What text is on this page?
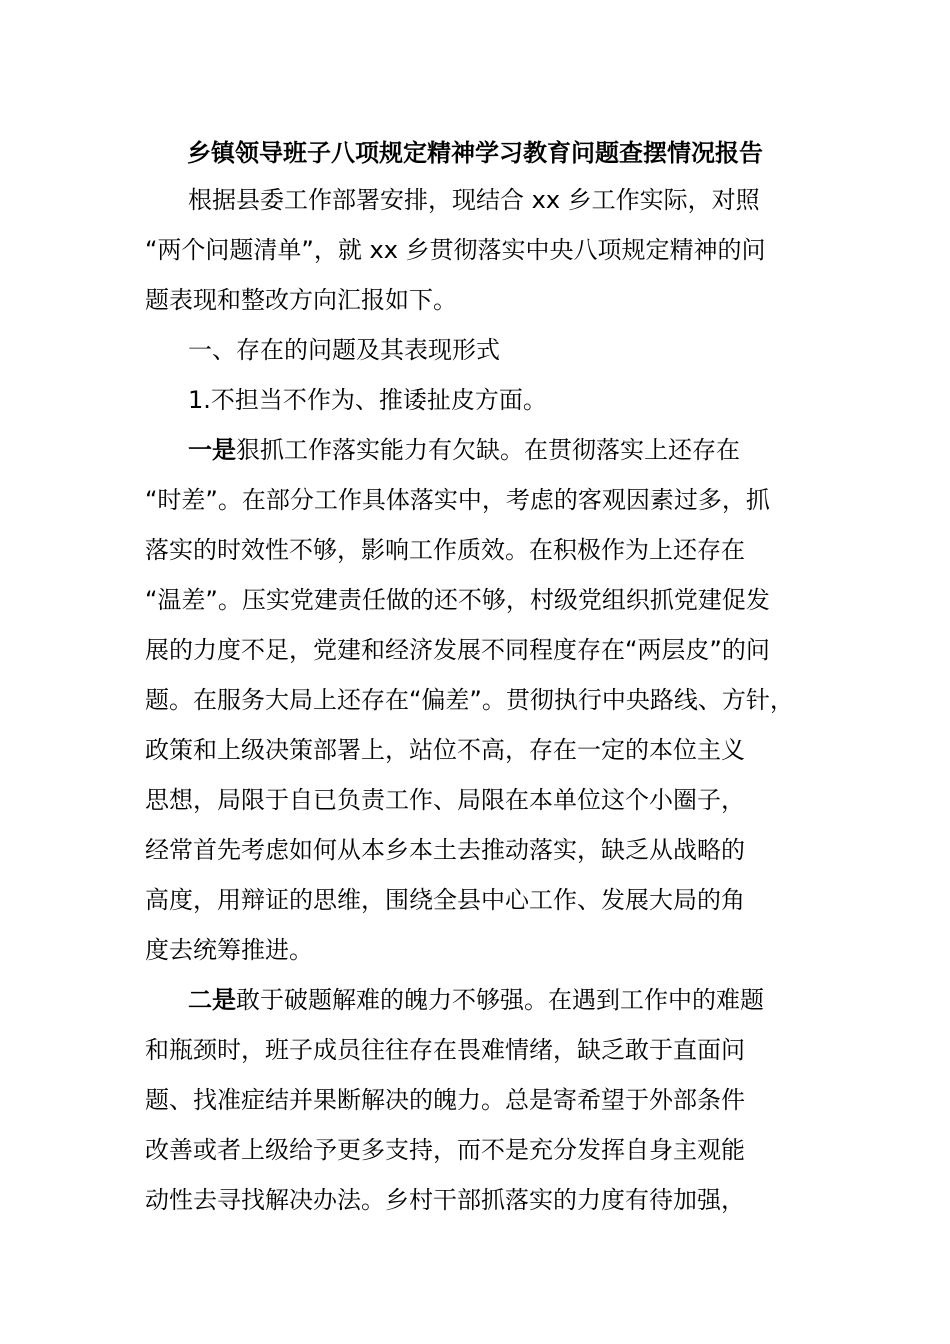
乡镇领导班子八项规定精神学习教育问题查摆情况报告
根据县委工作部署安排，现结合 xx 乡工作实际，对照
“两个问题清单”，就 xx 乡贯彻落实中央八项规定精神的问
题表现和整改方向汇报如下。
一、存在的问题及其表现形式
1.不担当不作为、推诿扯皮方面。
一是狠抓工作落实能力有欠缺。在贯彻落实上还存在
“时差”。在部分工作具体落实中，考虑的客观因素过多，抓
落实的时效性不够，影响工作质效。在积极作为上还存在
“温差”。压实党建责任做的还不够，村级党组织抓党建促发
展的力度不足，党建和经济发展不同程度存在“两层皮”的问
题。在服务大局上还存在“偏差”。贯彻执行中央路线、方针，
政策和上级决策部署上，站位不高，存在一定的本位主义
思想，局限于自已负责工作、局限在本单位这个小圈子，
经常首先考虑如何从本乡本土去推动落实，缺乏从战略的
高度，用辩证的思维，围绕全县中心工作、发展大局的角
度去统筹推进。
二是敢于破题解难的魄力不够强。在遇到工作中的难题
和瓶颈时，班子成员往往存在畏难情绪，缺乏敢于直面问
题、找准症结并果断解决的魄力。总是寄希望于外部条件
改善或者上级给予更多支持，而不是充分发挥自身主观能
动性去寻找解决办法。乡村干部抓落实的力度有待加强，
